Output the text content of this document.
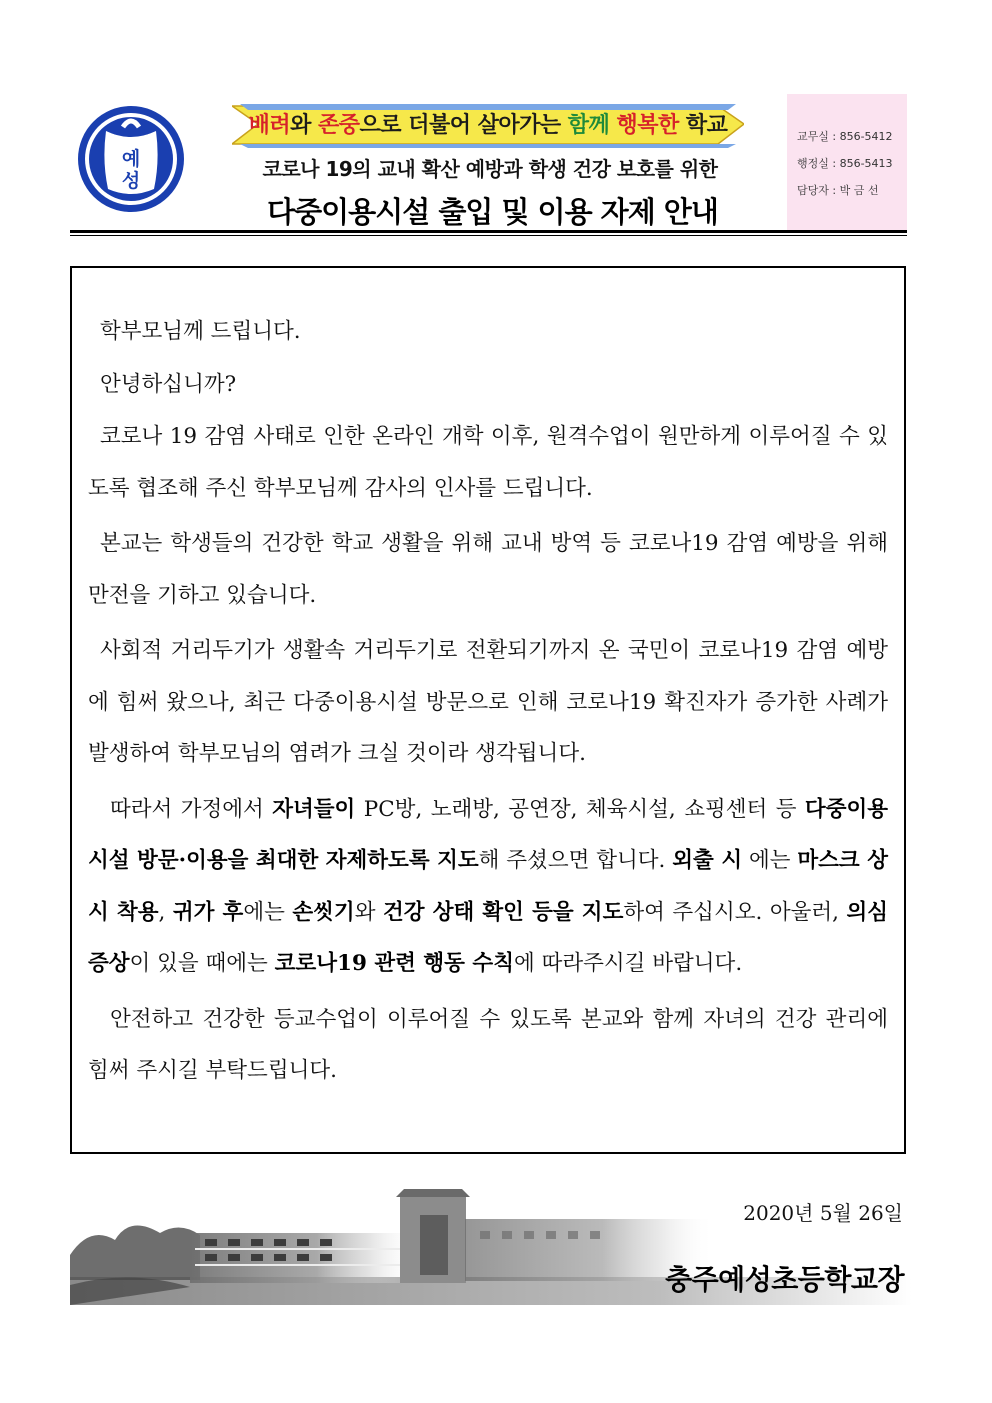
예
성
배려 와 존중 으로 더불어 살아가는 함께
행복한 학교
코로나 19의 교내 확산 예방과 학생 건강 보호를 위한
다중이용시설 출입 및 이용 자제 안내
교무실 : 856-5412
행정실 : 856-5413
담당자 : 박 금 선

학부모님께 드립니다.

안녕하십니까?

코로나 19 감염 사태로 인한 온라인 개학 이후, 원격수업이 원만하게 이루어질 수 있도록 협조해 주신 학부모님께 감사의 인사를 드립니다.

본교는 학생들의 건강한 학교 생활을 위해 교내 방역 등 코로나19 감염 예방을 위해 만전을 기하고 있습니다.

사회적 거리두기가 생활속 거리두기로 전환되기까지 온 국민이 코로나19 감염 예방에 힘써 왔으나, 최근 다중이용시설 방문으로 인해 코로나19 확진자가 증가한 사례가 발생하여 학부모님의 염려가 크실 것이라 생각됩니다.

따라서 가정에서 자녀들이 PC방, 노래방, 공연장, 체육시설, 쇼핑센터 등 다중이용시설 방문·이용을 최대한 자제하도록 지도해 주셨으면 합니다. 외출 시 에는 마스크 상시 착용, 귀가 후에는 손씻기와 건강 상태 확인 등을 지도하여 주십시오. 아울러, 의심 증상이 있을 때에는 코로나19 관련 행동 수칙에 따라주시길 바랍니다.

안전하고 건강한 등교수업이 이루어질 수 있도록 본교와 함께 자녀의 건강 관리에 힘써 주시길 부탁드립니다.

2020년 5월 26일
충주예성초등학교장
